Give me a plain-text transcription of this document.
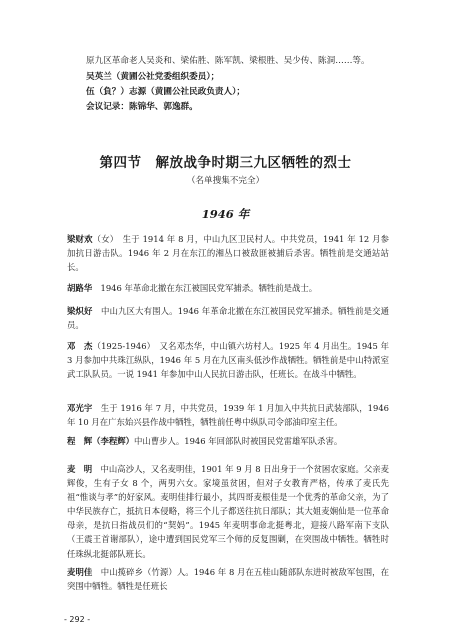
原九区革命老人吴炎和、梁佑胜、陈军凯、梁根胜、吴少传、陈洞……等。
吴英兰（黄圃公社党委组织委员）；
伍（負？）志源（黄圃公社民政负责人）；
会议记录：陈锦华、郭逸群。
第四节　解放战争时期三九区牺牲的烈士
（名单搜集不完全）
1946 年

梁财欢（女）　生于 1914 年 8 月，中山九区卫民村人。中共党员，1941 年 12 月参加抗日游击队。1946 年 2 月在东江的湘丛口被敌匪被捕后杀害。牺牲前是交通站站长。

胡路华　1946 年革命北撤在东江被国民党军捕杀。牺牲前是战士。

梁炽好　中山九区大有围人。1946 年革命北撤在东江被国民党军捕杀。牺牲前是交通员。

邓　杰（1925-1946）　又名邓杰华，中山镇六坊村人。1925 年 4 月出生。1945 年 3 月参加中共珠江纵队，1946 年 5 月在九区南头低沙作战牺牲。牺牲前是中山特派室武工队队员。一说 1941 年参加中山人民抗日游击队，任班长。在战斗中牺牲。

邓光宇　生于 1916 年 7 月，中共党员，1939 年 1 月加入中共抗日武装部队，1946 年 10 月在广东始兴县作战中牺牲，牺牲前任粤中纵队司令部油印室主任。

程　辉（李程辉）中山曹步人。1946 年回部队时被国民党雷雄军队杀害。

麦　明　中山高沙人，又名麦明佳，1901 年 9 月 8 日出身于一个贫困农家庭。父亲麦辉俊，生有子女 8 个，两男六女。家境虽贫困，但对子女教育严格，传承了麦氏先祖“惟谈与孝”的好家风。麦明佳排行最小，其四哥麦根佳是一个优秀的革命父亲，为了中华民族存亡，抵抗日本侵略，将三个儿子都送往抗日部队；其大姐麦娴仙是一位革命母亲，是抗日指战员们的“契妈”。1945 年麦明事命北挺粤北，迎接八路军南下支队（王震王首谢部队），途中遭到国民党军三个师的反复围剿，在突围战中牺牲。牺牲时任珠纵北挺部队班长。

麦明佳　中山揽碎乡（竹源）人。1946 年 8 月在五桂山随部队东进时被敌军包围，在突围中牺牲。牺牲是任班长

- 292 -
